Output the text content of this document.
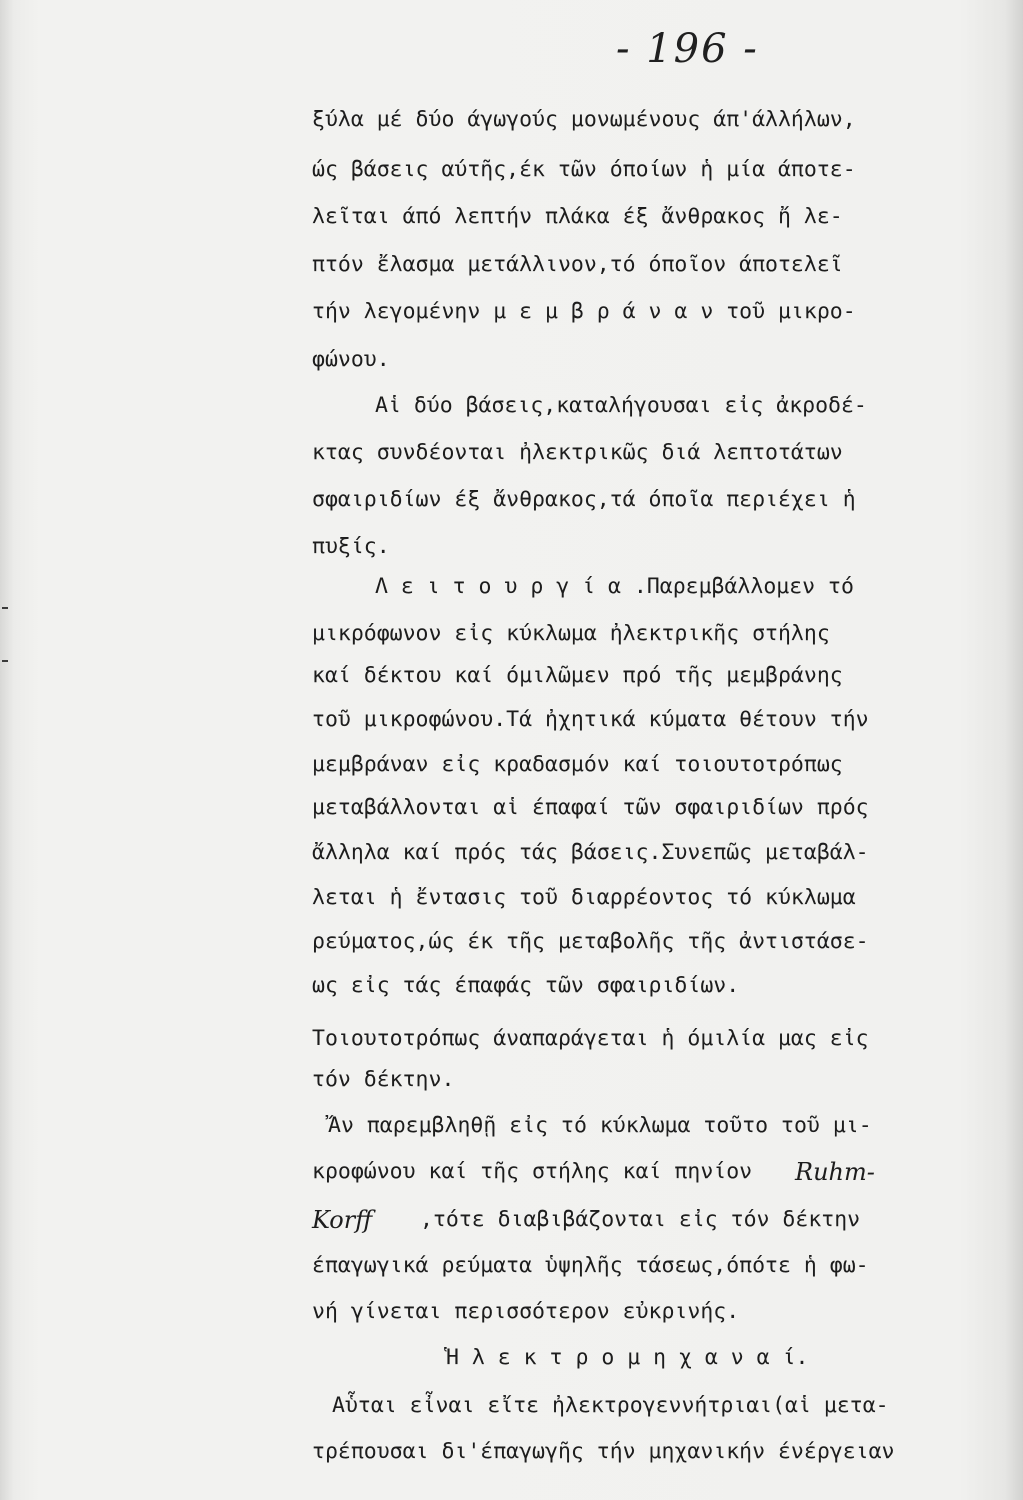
- 196 -
ξύλα μέ δύο άγωγούς μονωμένους άπ'άλλήλων,
ώς βάσεις αύτῆς,έκ τῶν όποίων ἡ μία άποτε-
λεῖται άπό λεπτήν πλάκα έξ ἄνθρακος ἤ λε-
πτόν ἔλασμα μετάλλινον,τό όποῖον άποτελεῖ
τήν λεγομένην μ ε μ β ρ ά ν α ν τοῦ μικρο-
φώνου.
Αἱ δύο βάσεις,καταλήγουσαι εἰς ἀκροδέ-
κτας συνδέονται ἠλεκτρικῶς διά λεπτοτάτων
σφαιριδίων έξ ἄνθρακος,τά όποῖα περιέχει ἡ
πυξίς.
Λ ε ι τ ο υ ρ γ ί α .Παρεμβάλλομεν τό
μικρόφωνον εἰς κύκλωμα ἠλεκτρικῆς στήλης
καί δέκτου καί όμιλῶμεν πρό τῆς μεμβράνης
τοῦ μικροφώνου.Τά ἠχητικά κύματα θέτουν τήν
μεμβράναν εἰς κραδασμόν καί τοιουτοτρόπως
μεταβάλλονται αἱ έπαφαί τῶν σφαιριδίων πρός
ἄλληλα καί πρός τάς βάσεις.Συνεπῶς μεταβάλ-
λεται ἡ ἔντασις τοῦ διαρρέοντος τό κύκλωμα
ρεύματος,ώς έκ τῆς μεταβολῆς τῆς ἀντιστάσε-
ως εἰς τάς έπαφάς τῶν σφαιριδίων.
Τοιουτοτρόπως άναπαράγεται ἡ όμιλία μας εἰς
τόν δέκτην.
Ἄν παρεμβληθῇ εἰς τό κύκλωμα τοῦτο τοῦ μι-
κροφώνου καί τῆς στήλης καί πηνίον Ruhm-
Korff ,τότε διαβιβάζονται εἰς τόν δέκτην
έπαγωγικά ρεύματα ὑψηλῆς τάσεως,όπότε ἡ φω-
νή γίνεται περισσότερον εὐκρινής.
Ἡ λ ε κ τ ρ ο μ η χ α ν α ί.
Αὗται εἶναι εἴτε ἠλεκτρογεννήτριαι(αἱ μετα-
τρέπουσαι δι'έπαγωγῆς τήν μηχανικήν ένέργειαν
